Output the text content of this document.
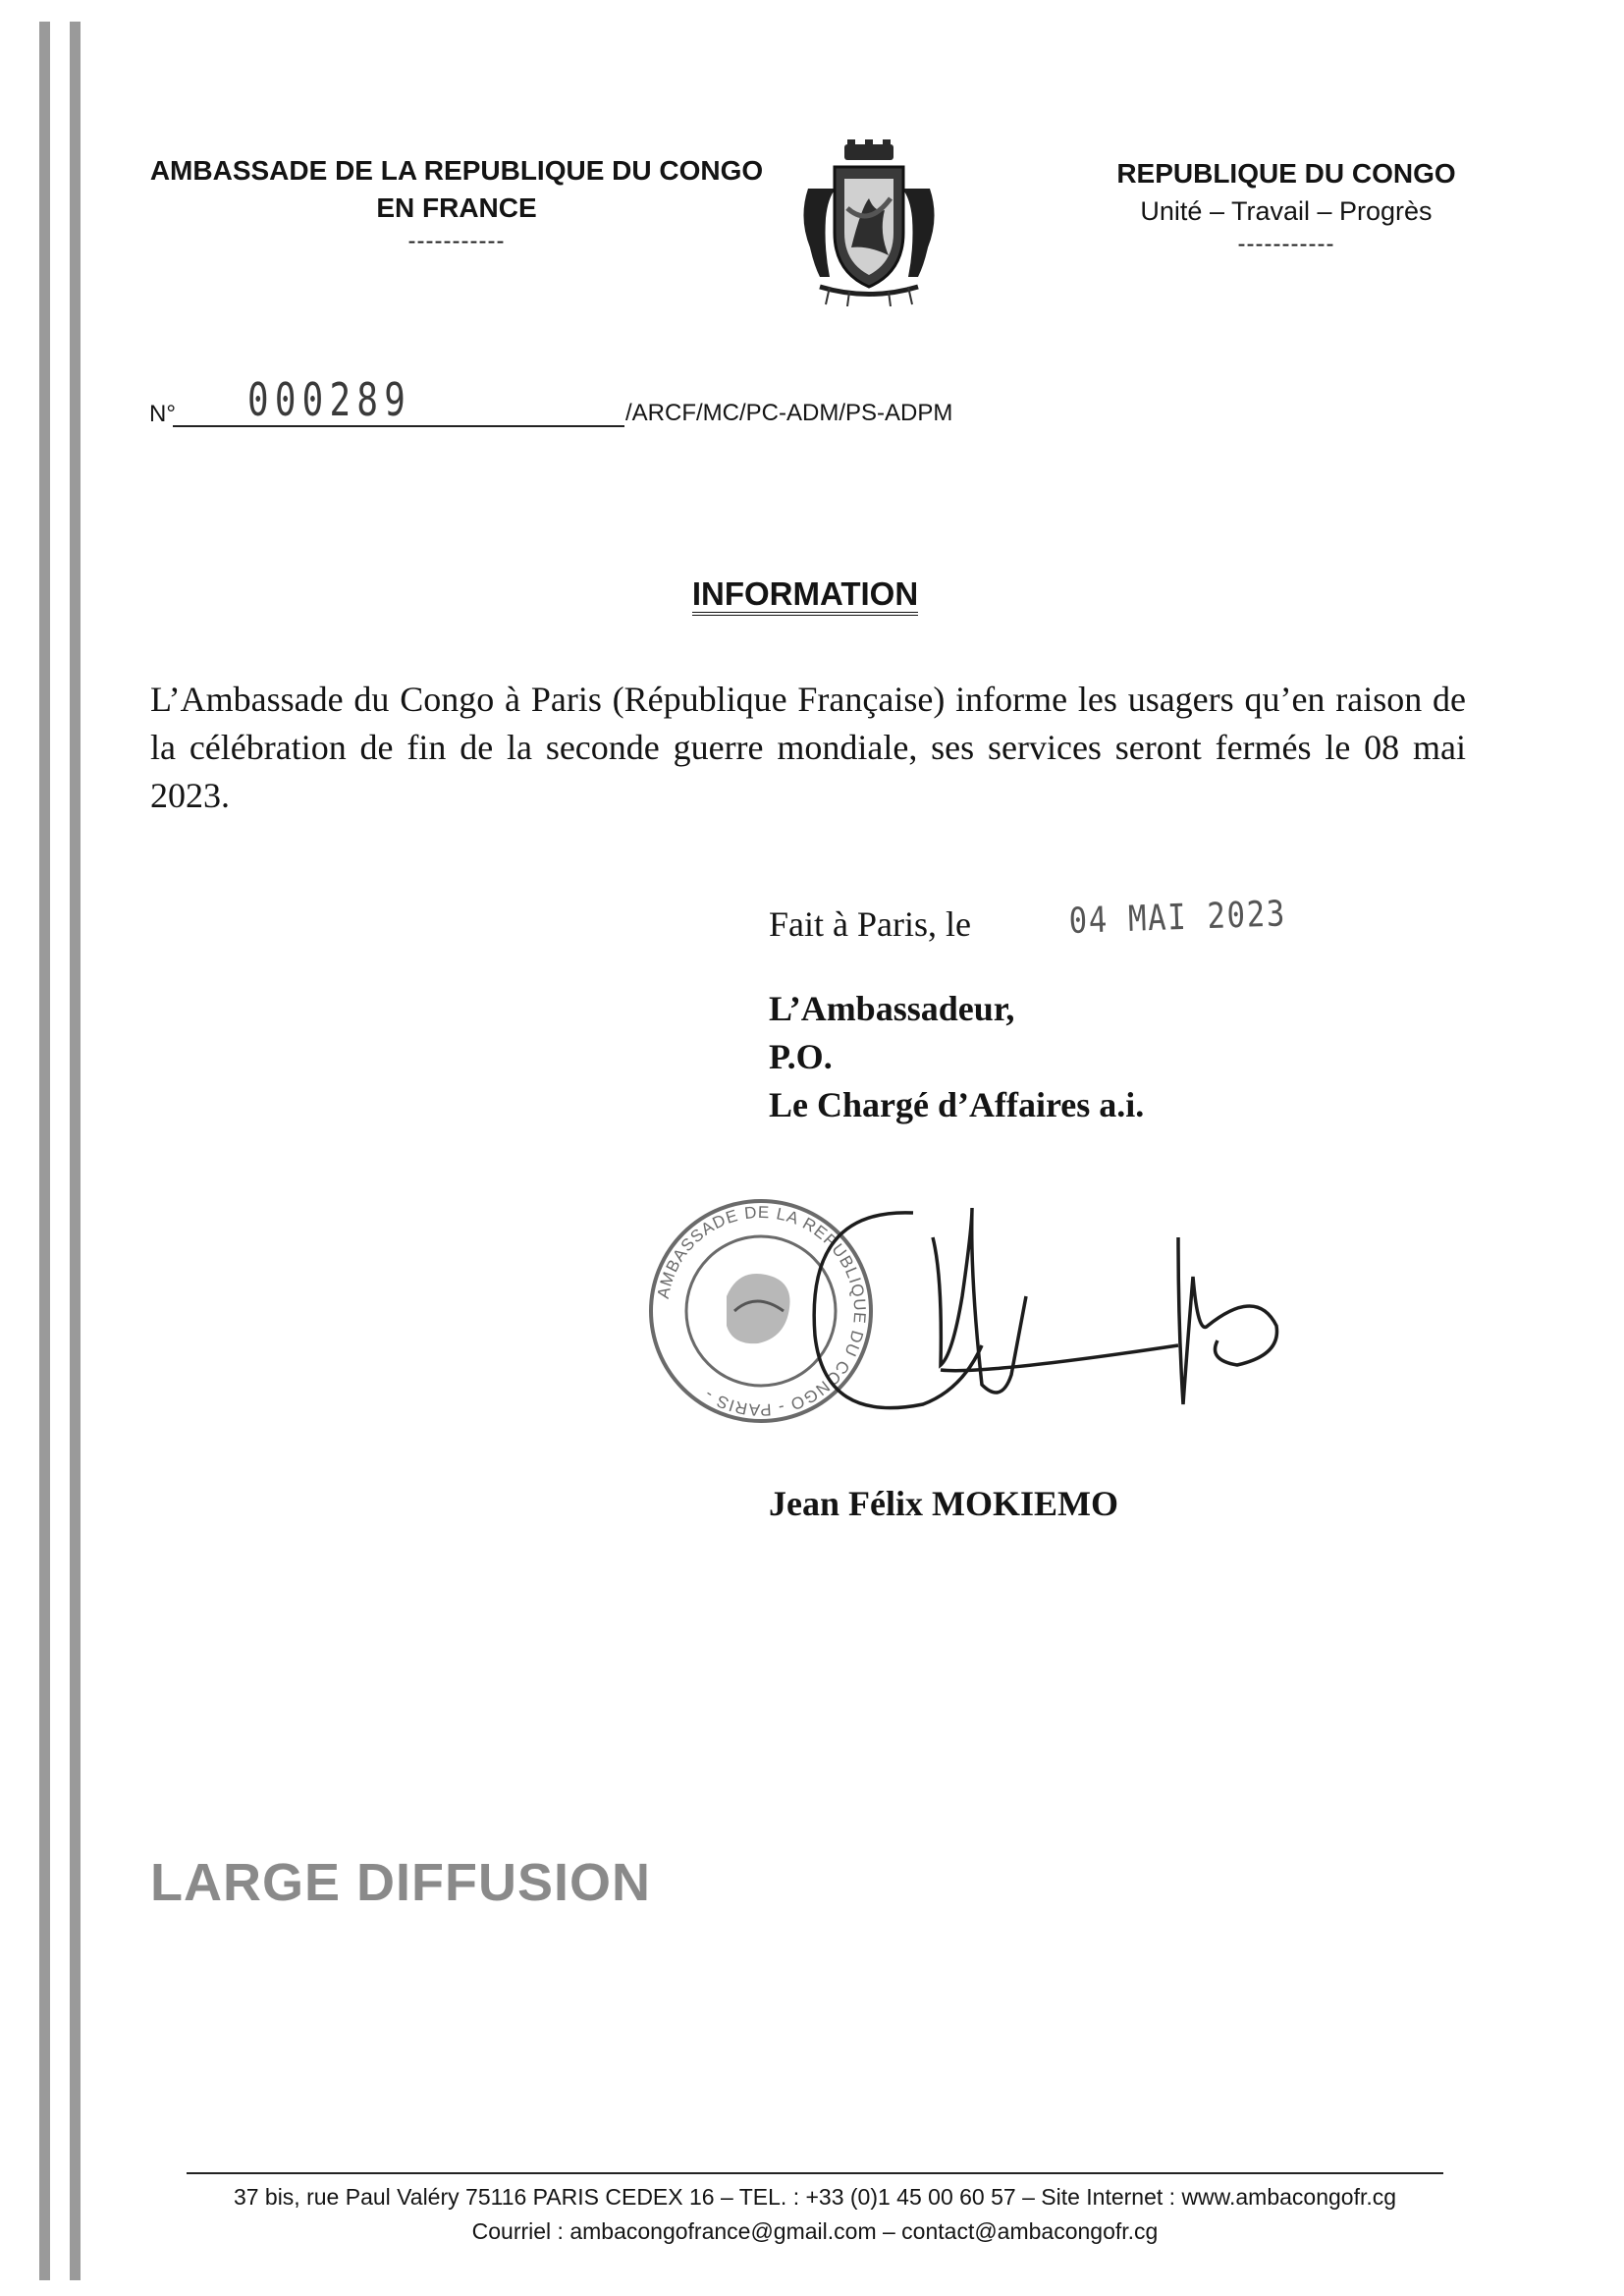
AMBASSADE DE LA REPUBLIQUE DU CONGO
EN FRANCE
-----------
REPUBLIQUE DU CONGO
Unité – Travail – Progrès
-----------
N° 000289	/ARCF/MC/PC-ADM/PS-ADPM
INFORMATION
L’Ambassade du Congo à Paris (République Française) informe les usagers qu’en raison de la célébration de fin de la seconde guerre mondiale, ses services seront fermés le 08 mai 2023.
Fait à Paris, le	04 MAI 2023
L’Ambassadeur,
P.O.
Le Chargé d’Affaires a.i.
AMBASSADE DE LA REPUBLIQUE DU CONGO - PARIS -
Jean Félix MOKIEMO
LARGE DIFFUSION
37 bis, rue Paul Valéry 75116 PARIS CEDEX 16 – TEL. : +33 (0)1 45 00 60 57 – Site Internet : www.ambacongofr.cg
Courriel : ambacongofrance@gmail.com – contact@ambacongofr.cg
